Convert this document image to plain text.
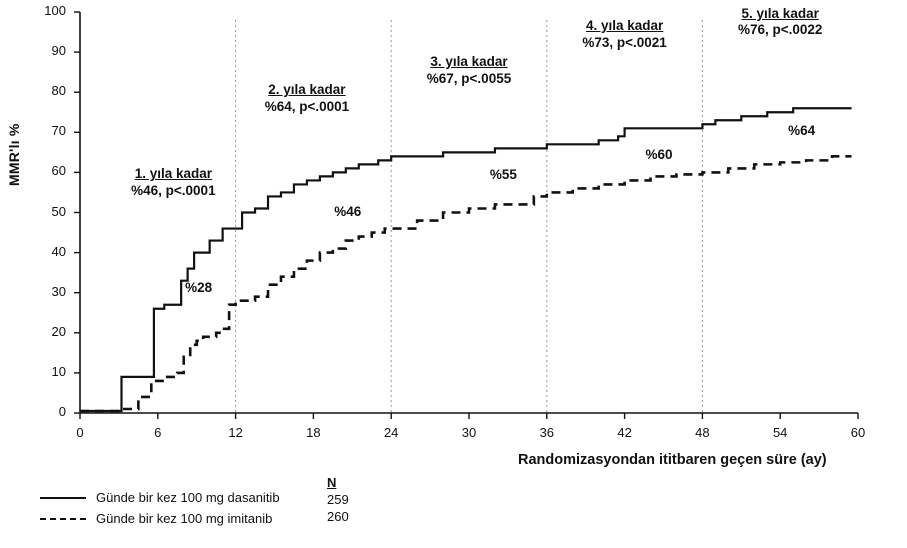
MMR'lı %
Randomizasyondan ititbaren geçen süre (ay)
0
10
20
30
40
50
60
70
80
90
100
0	6	12	18	24	30	36	42	48	54	60
1. yıla kadar
%46, p<.0001
2. yıla kadar
%64, p<.0001
3. yıla kadar
%67, p<.0055
4. yıla kadar
%73, p<.0021
5. yıla kadar
%76, p<.0022
%28
%46
%55
%60
%64
Günde bir kez 100 mg dasanitib
Günde bir kez 100 mg imitanib
N
259
260
